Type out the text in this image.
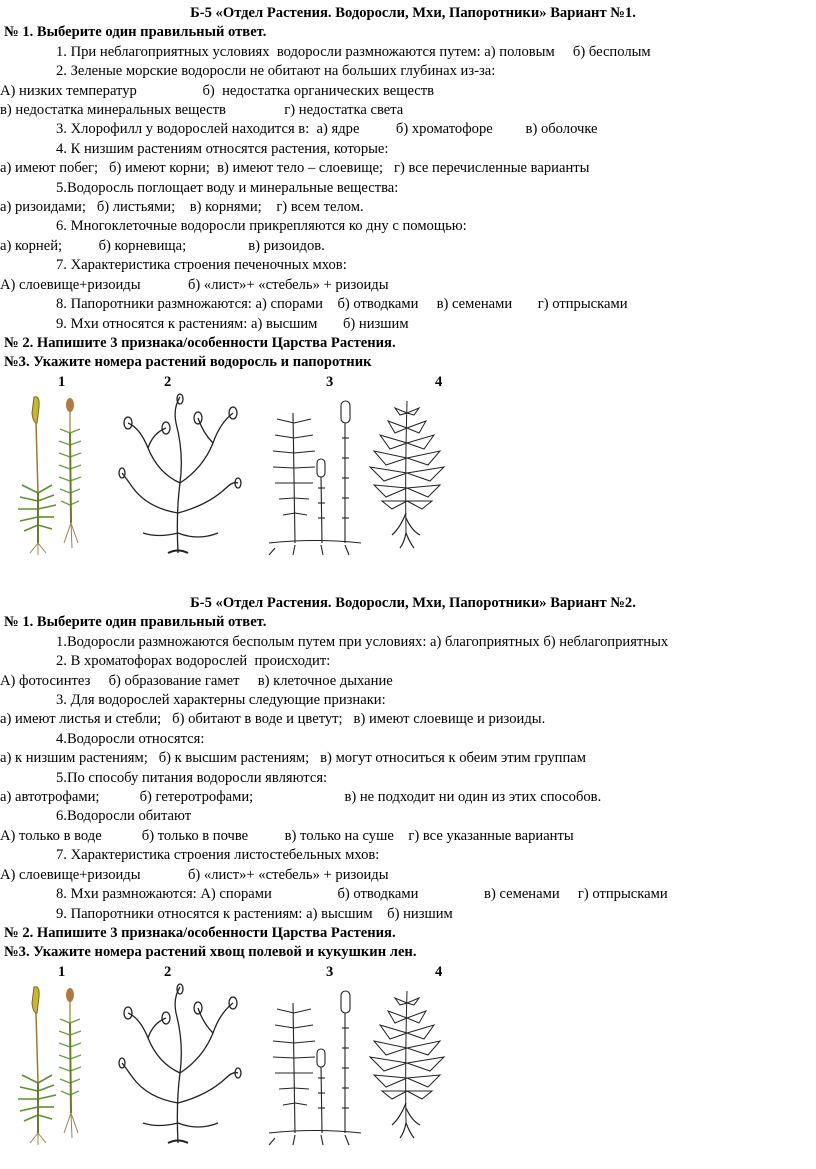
Б-5 «Отдел Растения. Водоросли, Мхи, Папоротники» Вариант №1.
№ 1. Выберите один правильный ответ.
1. При неблагоприятных условиях  водоросли размножаются путем: а) половым     б) бесполым
2. Зеленые морские водоросли не обитают на больших глубинах из-за:
А) низких температур                  б)  недостатка органических веществ
в) недостатка минеральных веществ                г) недостатка света
3. Хлорофилл у водорослей находится в:  а) ядре          б) хроматофоре         в) оболочке
4. К низшим растениям относятся растения, которые:
а) имеют побег;   б) имеют корни;  в) имеют тело – слоевище;   г) все перечисленные варианты
5.Водоросль поглощает воду и минеральные вещества:
а) ризоидами;   б) листьями;    в) корнями;    г) всем телом.
6. Многоклеточные водоросли прикрепляются ко дну с помощью:
а) корней;          б) корневища;                 в) ризоидов.
7. Характеристика строения печеночных мхов:
А) слоевище+ризоиды             б) «лист»+ «стебель» + ризоиды
8. Папоротники размножаются: а) спорами    б) отводками     в) семенами       г) отпрысками
9. Мхи относятся к растениям: а) высшим       б) низшим
№ 2. Напишите 3 признака/особенности Царства Растения.
№3. Укажите номера растений водоросль и папоротник
1	2	3	4
Б-5 «Отдел Растения. Водоросли, Мхи, Папоротники» Вариант №2.
№ 1. Выберите один правильный ответ.
1.Водоросли размножаются бесполым путем при условиях: а) благоприятных б) неблагоприятных
2. В хроматофорах водорослей  происходит:
А) фотосинтез     б) образование гамет     в) клеточное дыхание
3. Для водорослей характерны следующие признаки:
а) имеют листья и стебли;   б) обитают в воде и цветут;   в) имеют слоевище и ризоиды.
4.Водоросли относятся:
а) к низшим растениям;   б) к высшим растениям;   в) могут относиться к обеим этим группам
5.По способу питания водоросли являются:
а) автотрофами;           б) гетеротрофами;                         в) не подходит ни один из этих способов.
6.Водоросли обитают
А) только в воде           б) только в почве          в) только на суше    г) все указанные варианты
7. Характеристика строения листостебельных мхов:
А) слоевище+ризоиды             б) «лист»+ «стебель» + ризоиды
8. Мхи размножаются: А) спорами                  б) отводками                  в) семенами     г) отпрысками
9. Папоротники относятся к растениям: а) высшим    б) низшим
№ 2. Напишите 3 признака/особенности Царства Растения.
№3. Укажите номера растений хвощ полевой и кукушкин лен.
1	2	3	4
